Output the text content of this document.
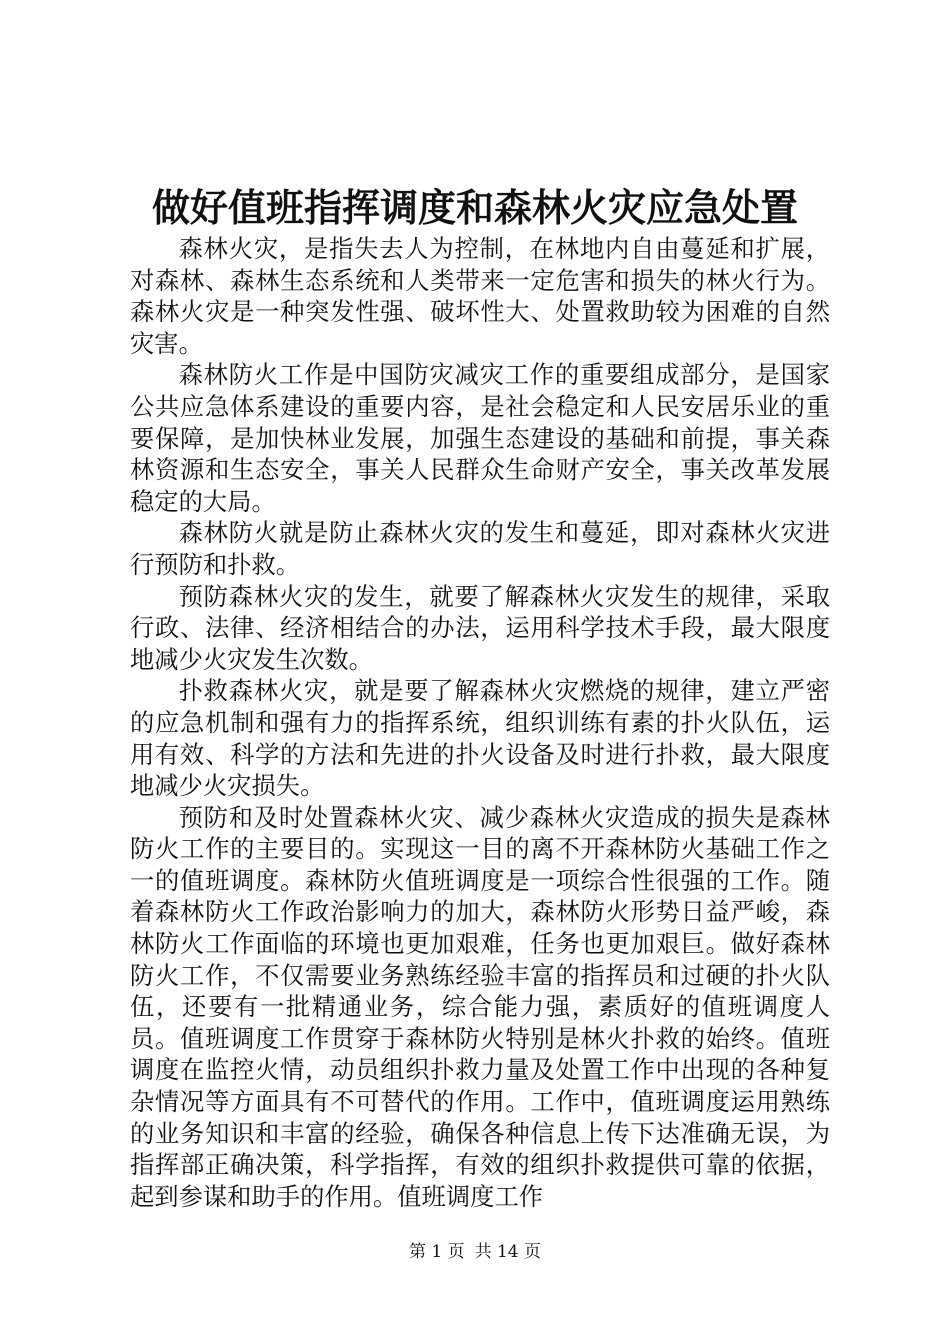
做好值班指挥调度和森林火灾应急处置

森林火灾，是指失去人为控制，在林地内自由蔓延和扩展，对森林、森林生态系统和人类带来一定危害和损失的林火行为。森林火灾是一种突发性强、破坏性大、处置救助较为困难的自然灾害。

森林防火工作是中国防灾减灾工作的重要组成部分，是国家公共应急体系建设的重要内容，是社会稳定和人民安居乐业的重要保障，是加快林业发展，加强生态建设的基础和前提，事关森林资源和生态安全，事关人民群众生命财产安全，事关改革发展稳定的大局。

森林防火就是防止森林火灾的发生和蔓延，即对森林火灾进行预防和扑救。

预防森林火灾的发生，就要了解森林火灾发生的规律，采取行政、法律、经济相结合的办法，运用科学技术手段，最大限度地减少火灾发生次数。

扑救森林火灾，就是要了解森林火灾燃烧的规律，建立严密的应急机制和强有力的指挥系统，组织训练有素的扑火队伍，运用有效、科学的方法和先进的扑火设备及时进行扑救，最大限度地减少火灾损失。

预防和及时处置森林火灾、减少森林火灾造成的损失是森林防火工作的主要目的。实现这一目的离不开森林防火基础工作之一的值班调度。森林防火值班调度是一项综合性很强的工作。随着森林防火工作政治影响力的加大，森林防火形势日益严峻，森林防火工作面临的环境也更加艰难，任务也更加艰巨。做好森林防火工作，不仅需要业务熟练经验丰富的指挥员和过硬的扑火队伍，还要有一批精通业务，综合能力强，素质好的值班调度人员。值班调度工作贯穿于森林防火特别是林火扑救的始终。值班调度在监控火情，动员组织扑救力量及处置工作中出现的各种复杂情况等方面具有不可替代的作用。工作中，值班调度运用熟练的业务知识和丰富的经验，确保各种信息上传下达准确无误，为指挥部正确决策，科学指挥，有效的组织扑救提供可靠的依据，起到参谋和助手的作用。值班调度工作

第 1 页 共 14 页
